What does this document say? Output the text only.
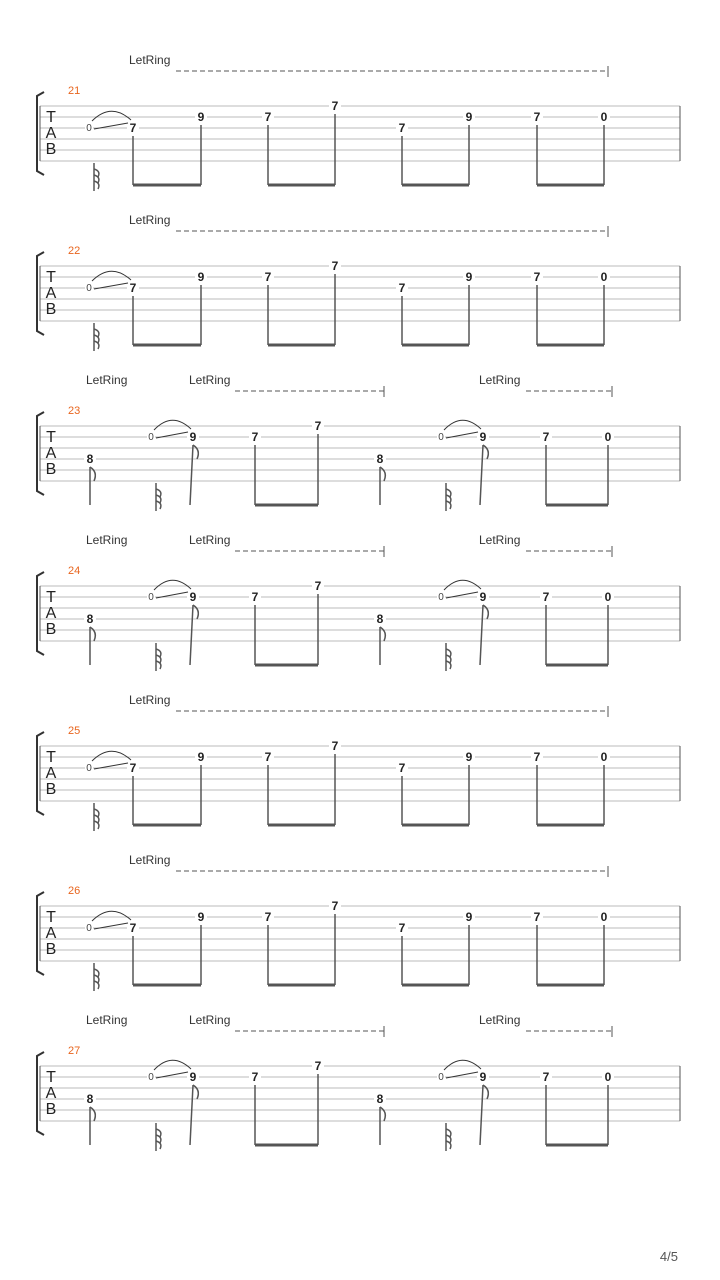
21
T
A
B
LetRing
7
0
9	7
7
7
9	7	0
22
T
A
B
LetRing
7
0
9	7
7
7
9	7	0
23
T
A
B
LetRing	LetRing	LetRing
8
9
0	7
7
8
9
0	7	0
24
T
A
B
LetRing	LetRing	LetRing
8
9
0	7
7
8
9
0	7	0
25
T
A
B
LetRing
7
0
9	7
7
7
9	7	0
26
T
A
B
LetRing
7
0
9	7
7
7
9	7	0
27
T
A
B
LetRing	LetRing	LetRing
8
9
0	7
7
8
9
0	7	0
4/5
